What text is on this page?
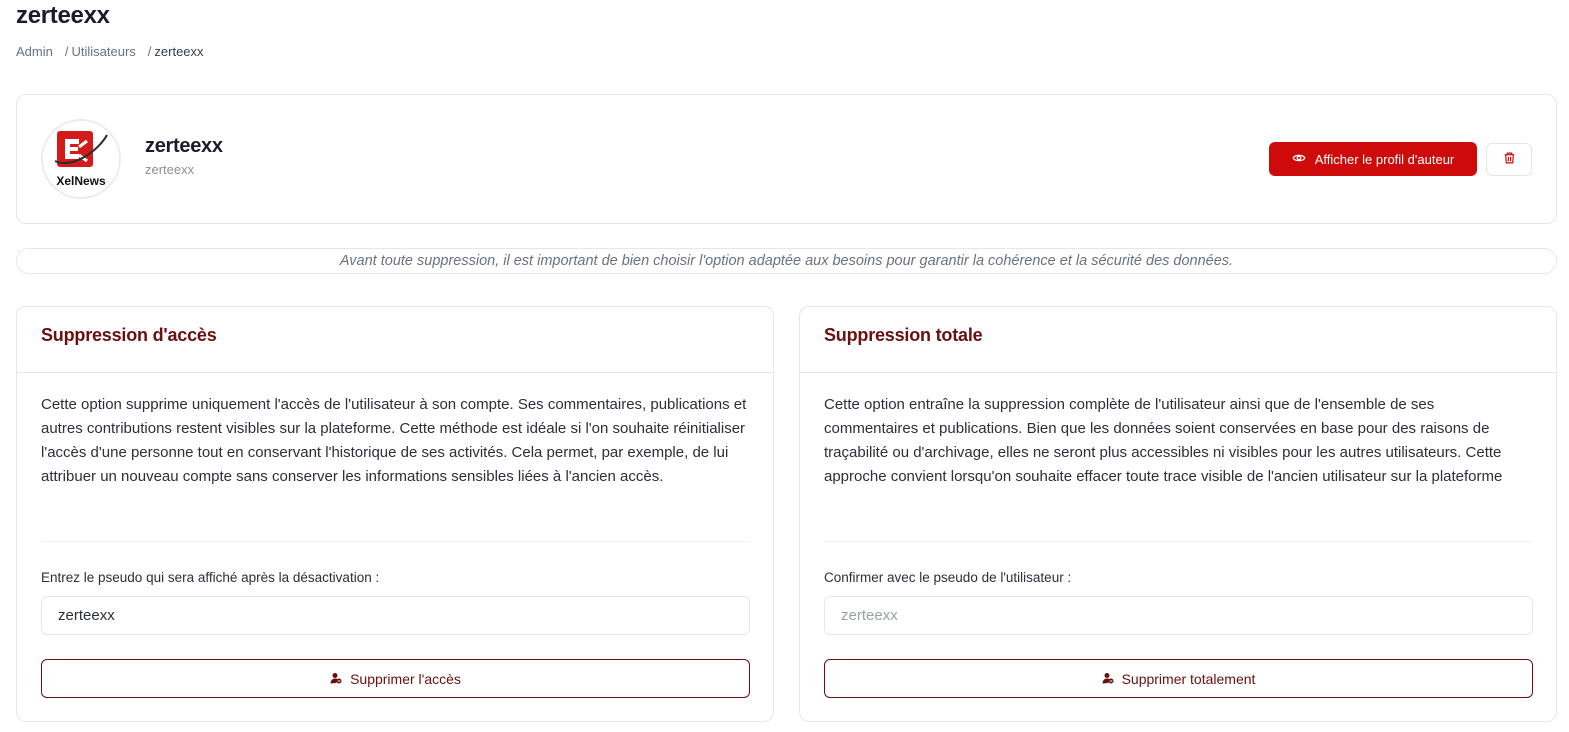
zerteexx
Admin / Utilisateurs / zerteexx
XelNews
zerteexx
zerteexx
Afficher le profil d'auteur
Avant toute suppression, il est important de bien choisir l'option adaptée aux besoins pour garantir la cohérence et la sécurité des données.
Suppression d'accès
Cette option supprime uniquement l'accès de l'utilisateur à son compte. Ses commentaires, publications et autres contributions restent visibles sur la plateforme. Cette méthode est idéale si l'on souhaite réinitialiser l'accès d'une personne tout en conservant l'historique de ses activités. Cela permet, par exemple, de lui attribuer un nouveau compte sans conserver les informations sensibles liées à l'ancien accès.
Entrez le pseudo qui sera affiché après la désactivation :
zerteexx
Supprimer l'accès
Suppression totale
Cette option entraîne la suppression complète de l'utilisateur ainsi que de l'ensemble de ses commentaires et publications. Bien que les données soient conservées en base pour des raisons de traçabilité ou d'archivage, elles ne seront plus accessibles ni visibles pour les autres utilisateurs. Cette approche convient lorsqu'on souhaite effacer toute trace visible de l'ancien utilisateur sur la plateforme
Confirmer avec le pseudo de l'utilisateur :
zerteexx
Supprimer totalement
